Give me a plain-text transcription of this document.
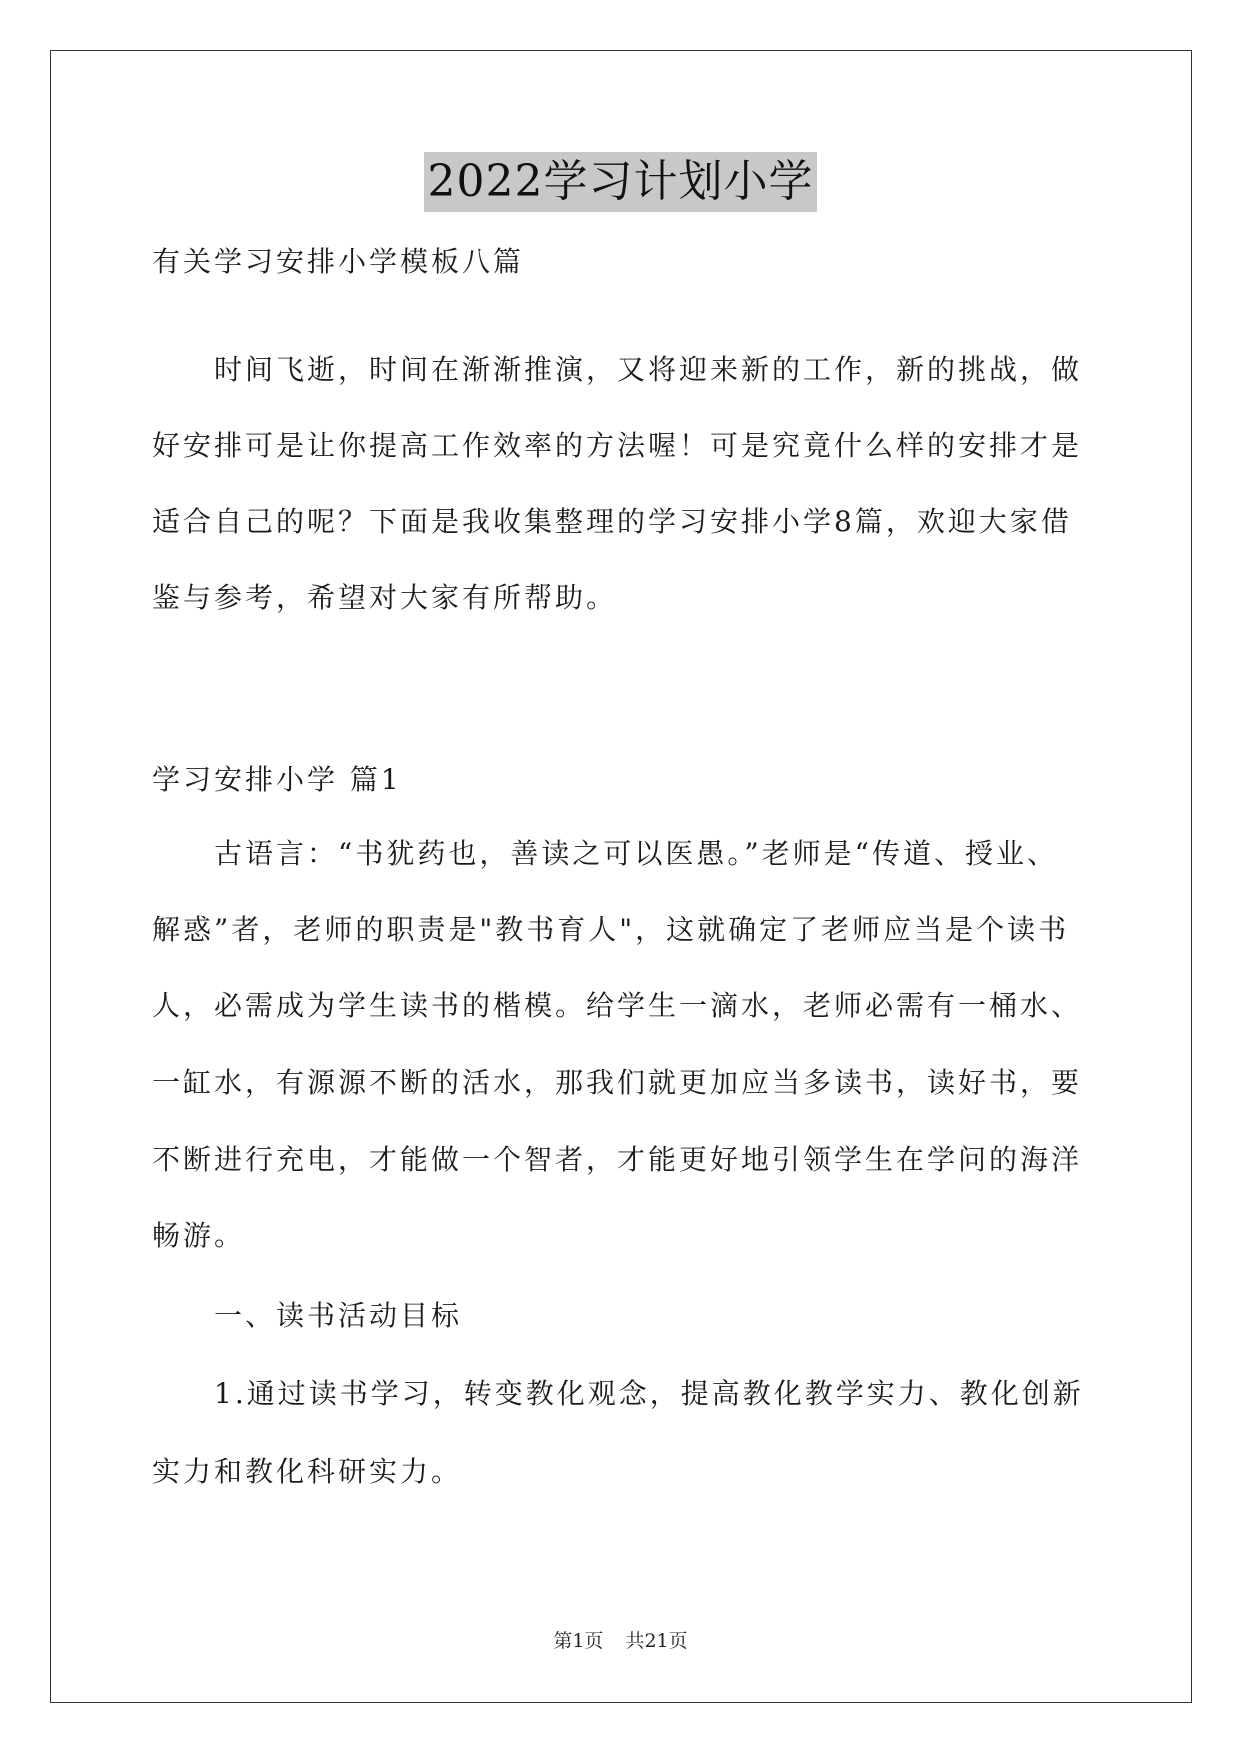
2022学习计划小学
有关学习安排小学模板八篇
时间飞逝，时间在渐渐推演，又将迎来新的工作，新的挑战，做
好安排可是让你提高工作效率的方法喔！可是究竟什么样的安排才是
适合自己的呢？下面是我收集整理的学习安排小学8篇，欢迎大家借
鉴与参考，希望对大家有所帮助。
学习安排小学 篇1
古语言：“书犹药也，善读之可以医愚。”老师是“传道、授业、
解惑”者，老师的职责是"教书育人"，这就确定了老师应当是个读书
人，必需成为学生读书的楷模。给学生一滴水，老师必需有一桶水、
一缸水，有源源不断的活水，那我们就更加应当多读书，读好书，要
不断进行充电，才能做一个智者，才能更好地引领学生在学问的海洋
畅游。
一、读书活动目标
1.通过读书学习，转变教化观念，提高教化教学实力、教化创新
实力和教化科研实力。
第1页 共21页
